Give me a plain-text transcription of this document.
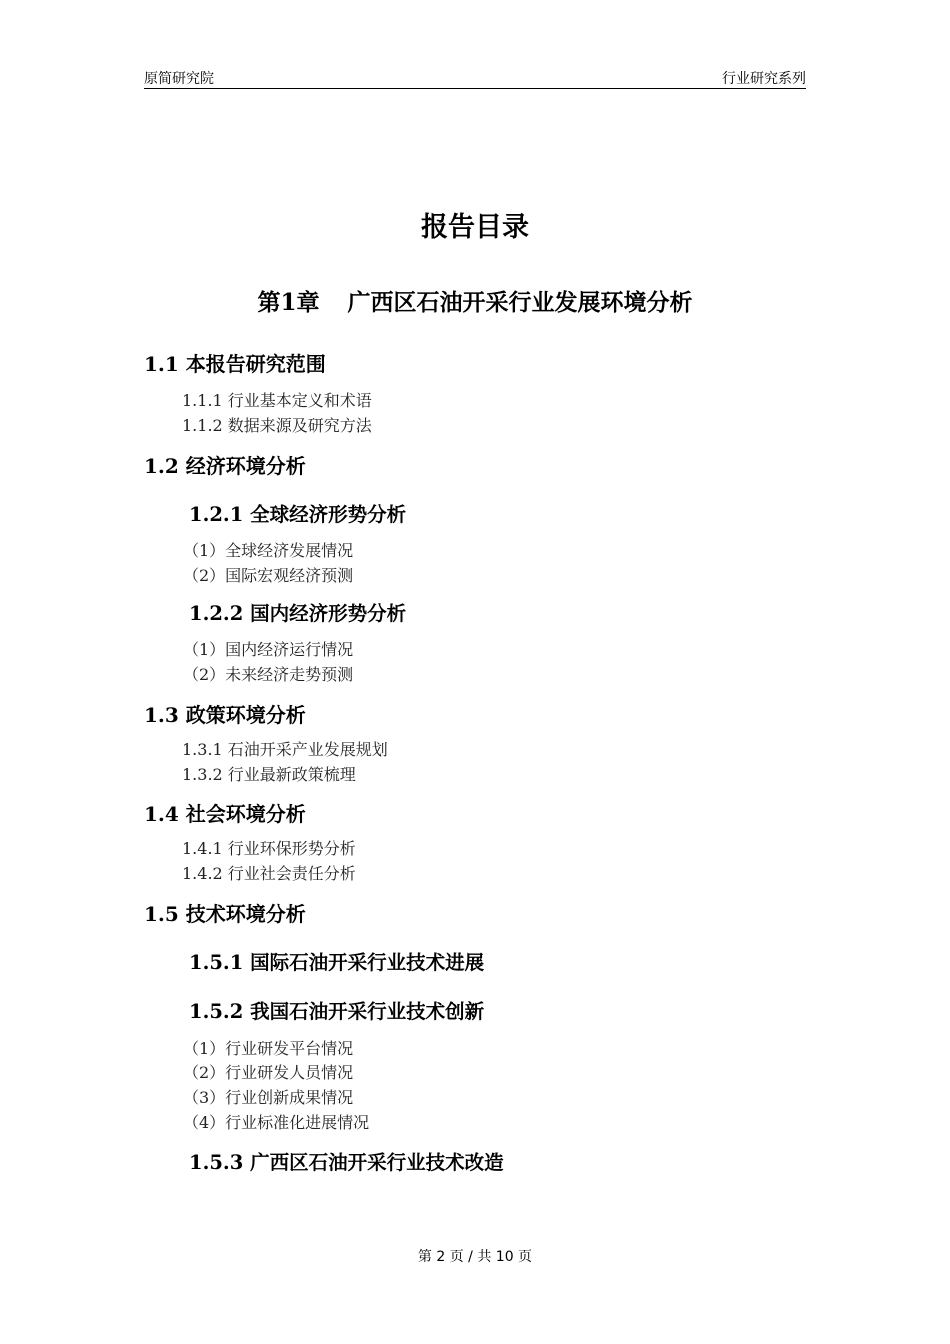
原简研究院	行业研究系列
报告目录
第1章 广西区石油开采行业发展环境分析
1.1 本报告研究范围
1.1.1 行业基本定义和术语
1.1.2 数据来源及研究方法
1.2 经济环境分析
1.2.1 全球经济形势分析
（1）全球经济发展情况
（2）国际宏观经济预测
1.2.2 国内经济形势分析
（1）国内经济运行情况
（2）未来经济走势预测
1.3 政策环境分析
1.3.1 石油开采产业发展规划
1.3.2 行业最新政策梳理
1.4 社会环境分析
1.4.1 行业环保形势分析
1.4.2 行业社会责任分析
1.5 技术环境分析
1.5.1 国际石油开采行业技术进展
1.5.2 我国石油开采行业技术创新
（1）行业研发平台情况
（2）行业研发人员情况
（3）行业创新成果情况
（4）行业标准化进展情况
1.5.3 广西区石油开采行业技术改造
第 2 页 / 共 10 页
